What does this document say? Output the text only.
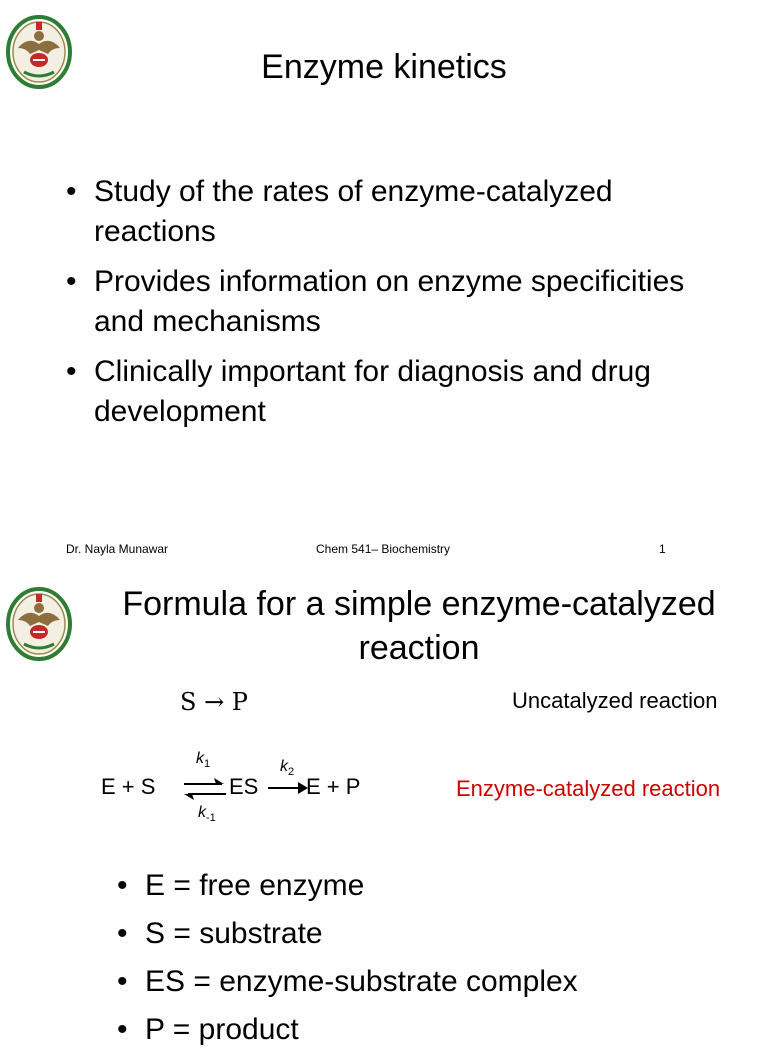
Enzyme kinetics
• Study of the rates of enzyme-catalyzed reactions
• Provides information on enzyme specificities and mechanisms
• Clinically important for diagnosis and drug development
Dr. Nayla Munawar	Chem 541– Biochemistry	1
Formula for a simple enzyme-catalyzed reaction
S → P	Uncatalyzed reaction
E + S
$k_1$
$k_{-1}$
ES
$k_2$
E + P	Enzyme-catalyzed reaction
• E = free enzyme
• S = substrate
• ES = enzyme-substrate complex
• P = product
